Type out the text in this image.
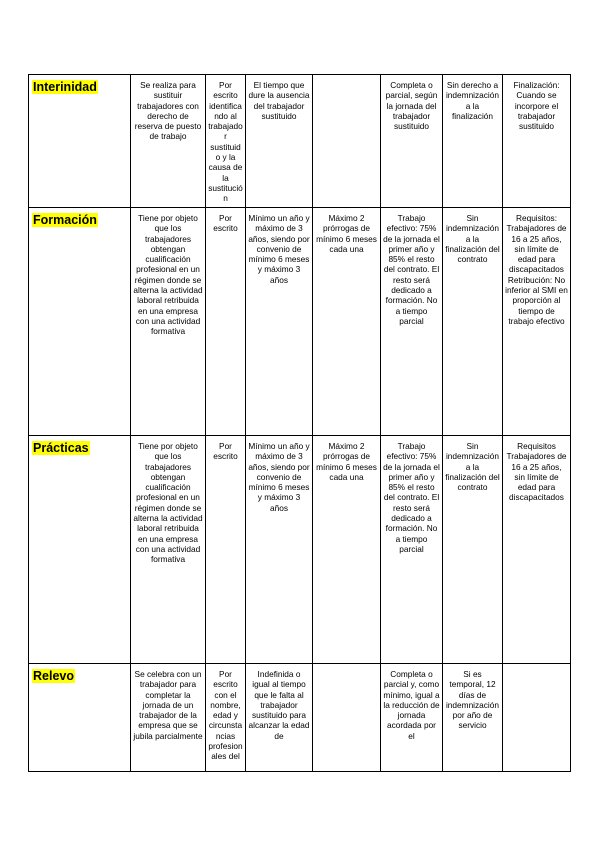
Interinidad	Se realiza para sustituir trabajadores con derecho de reserva de puesto de trabajo	Por escrito identificando al trabajador sustituido y la causa de la sustitución	El tiempo que dure la ausencia del trabajador sustituido		Completa o parcial, según la jornada del trabajador sustituido	Sin derecho a indemnización a la finalización	Finalización: Cuando se incorpore el trabajador sustituido
Formación	Tiene por objeto que los trabajadores obtengan cualificación profesional en un régimen donde se alterna la actividad laboral retribuida en una empresa con una actividad formativa	Por escrito	Mínimo un año y máximo de 3 años, siendo por convenio de mínimo 6 meses y máximo 3 años	Máximo 2 prórrogas de mínimo 6 meses cada una	Trabajo efectivo: 75% de la jornada el primer año y 85% el resto del contrato. El resto será dedicado a formación. No a tiempo parcial	Sin indemnización a la finalización del contrato	Requisitos: Trabajadores de 16 a 25 años, sin límite de edad para discapacitados Retribución: No inferior al SMI en proporción al tiempo de trabajo efectivo
Prácticas	Tiene por objeto que los trabajadores obtengan cualificación profesional en un régimen donde se alterna la actividad laboral retribuida en una empresa con una actividad formativa	Por escrito	Mínimo un año y máximo de 3 años, siendo por convenio de mínimo 6 meses y máximo 3 años	Máximo 2 prórrogas de mínimo 6 meses cada una	Trabajo efectivo: 75% de la jornada el primer año y 85% el resto del contrato. El resto será dedicado a formación. No a tiempo parcial	Sin indemnización a la finalización del contrato	Requisitos Trabajadores de 16 a 25 años, sin límite de edad para discapacitados
Relevo	Se celebra con un trabajador para completar la jornada de un trabajador de la empresa que se jubila parcialmente	Por escrito con el nombre, edad y circunstancias profesionales del	Indefinida o igual al tiempo que le falta al trabajador sustituido para alcanzar la edad de		Completa o parcial y, como mínimo, igual a la reducción de jornada acordada por el	Si es temporal, 12 días de indemnización por año de servicio	
